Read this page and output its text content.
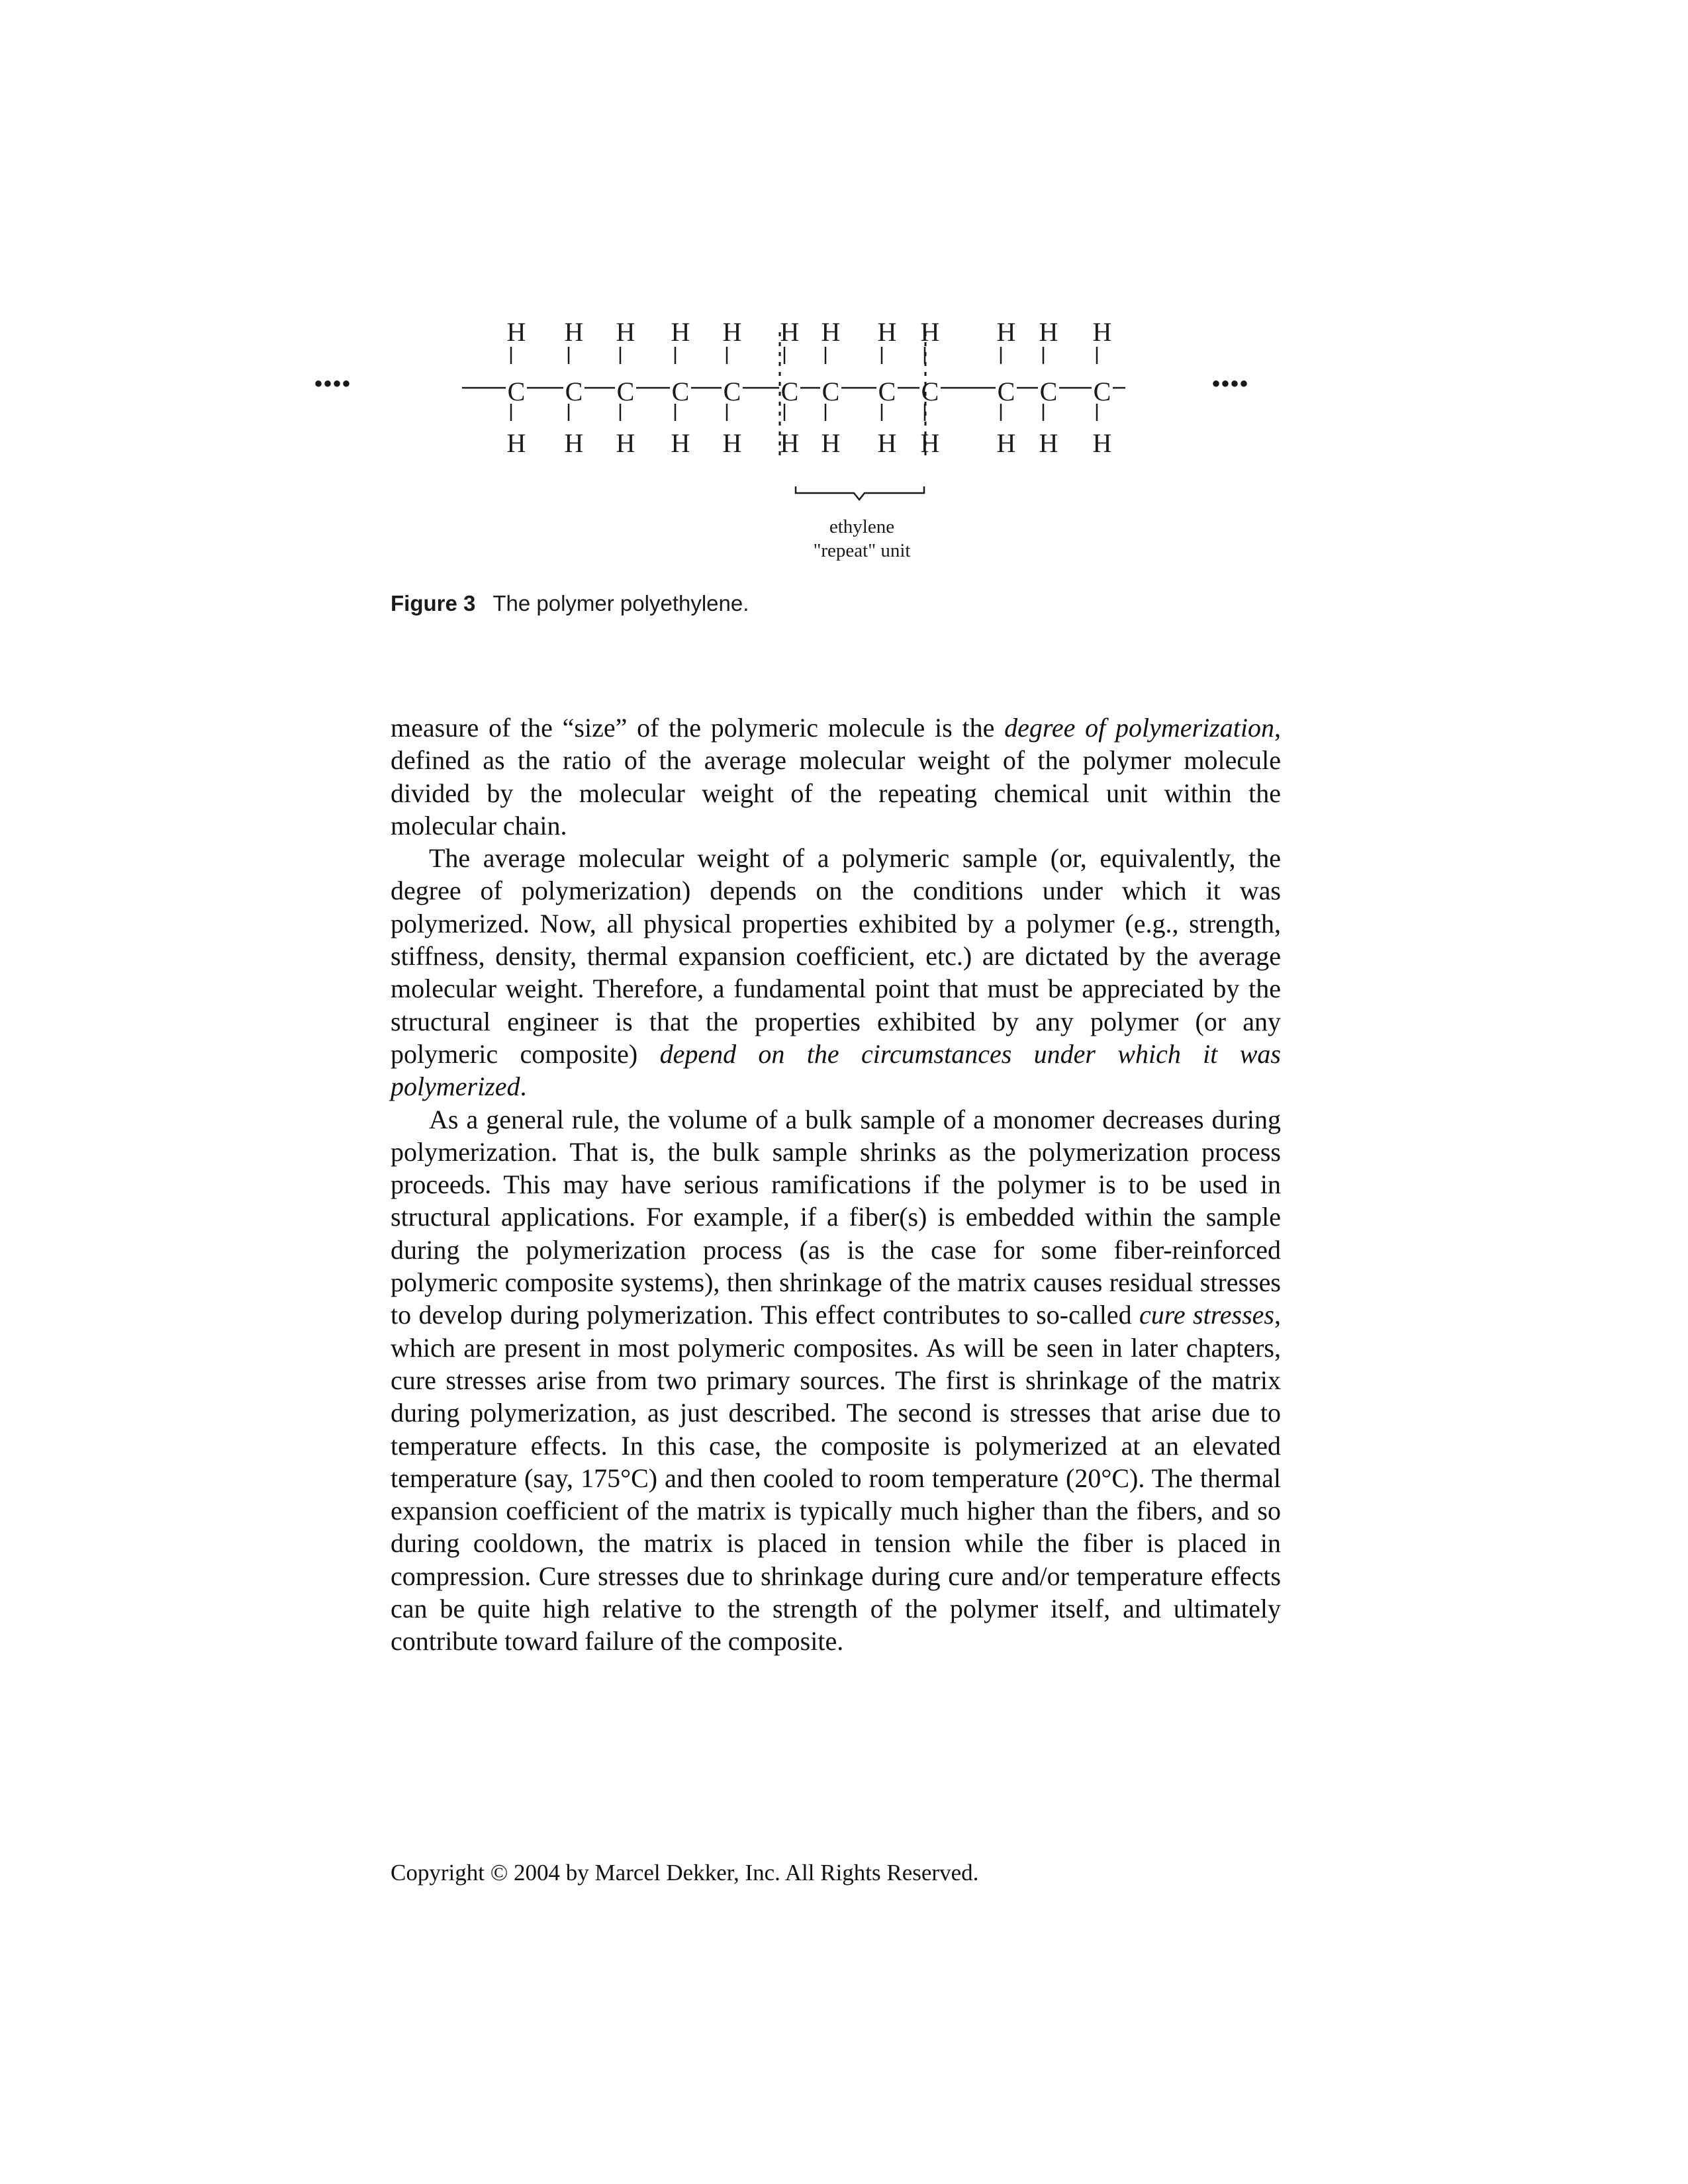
H
C
H
H
C
H
H
C
H
H
C
H
H
C
H
H
C
H
H
C
H
H
C
H
H
C
H
H
C
H
H
C
H
H
C
H
••••	••••
ethylene
"repeat" unit
Figure 3 The polymer polyethylene.

measure of the “size” of the polymeric molecule is the degree of polymerization, defined as the ratio of the average molecular weight of the polymer molecule divided by the molecular weight of the repeating chemical unit within the molecular chain.

The average molecular weight of a polymeric sample (or, equivalently, the degree of polymerization) depends on the conditions under which it was polymerized. Now, all physical properties exhibited by a polymer (e.g., strength, stiffness, density, thermal expansion coefficient, etc.) are dictated by the average molecular weight. Therefore, a fundamental point that must be appreciated by the structural engineer is that the properties exhibited by any polymer (or any polymeric composite) depend on the circumstances under which it was polymerized.

As a general rule, the volume of a bulk sample of a monomer decreases during polymerization. That is, the bulk sample shrinks as the polymerization process proceeds. This may have serious ramifications if the polymer is to be used in structural applications. For example, if a fiber(s) is embedded within the sample during the polymerization process (as is the case for some fiber-reinforced polymeric composite systems), then shrinkage of the matrix causes residual stresses to develop during polymerization. This effect contributes to so-called cure stresses, which are present in most polymeric composites. As will be seen in later chapters, cure stresses arise from two primary sources. The first is shrinkage of the matrix during polymerization, as just described. The second is stresses that arise due to temperature effects. In this case, the composite is polymerized at an elevated temperature (say, 175°C) and then cooled to room temperature (20°C). The thermal expansion coefficient of the matrix is typically much higher than the fibers, and so during cooldown, the matrix is placed in tension while the fiber is placed in compression. Cure stresses due to shrinkage during cure and/or temperature effects can be quite high relative to the strength of the polymer itself, and ultimately contribute toward failure of the composite.

Copyright © 2004 by Marcel Dekker, Inc. All Rights Reserved.
